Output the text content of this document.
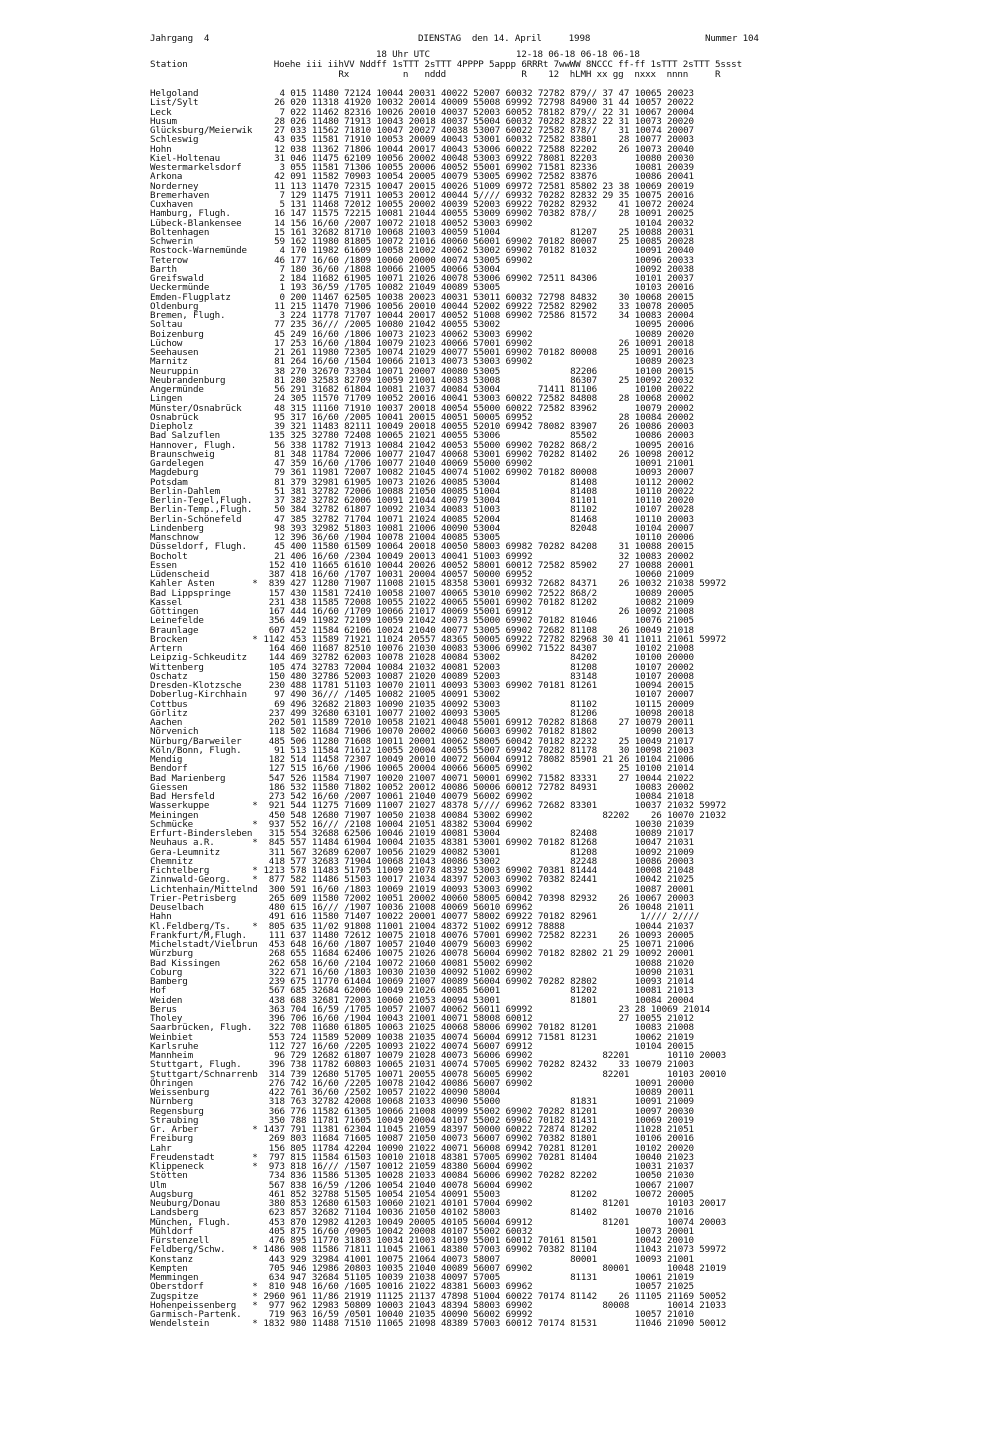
Jahrgang  4	DIENSTAG  den 14. April     1998	Nummer 104
18 Uhr UTC                12-18 06-18 06-18 06-18
Station                Hoehe iii iihVV Nddff 1sTTT 2sTTT 4PPPP 5appp 6RRRt 7wwWW 8NCCC ff-ff 1sTTT 2sTTT 5ssst
Rx          n   nddd              R    12  hLMH xx gg  nxxx  nnnn     R
Helgoland	4 015 11480 72124 10044 20031 40022 52007 60032 72782 879// 37 47 10065 20023
List/Sylt	26 020 11318 41920 10032 20014 40009 55008 69992 72798 84900 31 44 10057 20022
Leck	7 022 11462 82316 10026 20010 40037 52003 60052 78182 879// 22 31 10067 20004
Husum	28 026 11480 71913 10043 20018 40037 55004 60032 70282 82832 22 31 10073 20020
Glücksburg/Meierwik 27 033 11562 71810 10047 20027 40038 53007 60022 72582 878//    31 10074 20007
Schleswig	43 035 11581 71910 10053 20009 40043 53001 60032 72582 83801    28 10077 20003
Hohn	12 038 11362 71806 10044 20017 40043 53006 60022 72588 82202    26 10073 20040
Kiel-Holtenau	31 046 11475 62109 10056 20002 40048 53003 69922 78081 82203       10080 20030
Westermarkelsdorf 3 055 11581 71306 10055 20006 40052 55001 69902 71581 82336       10081 20039
Arkona	42 091 11582 70903 10054 20005 40079 53005 69902 72582 83876       10086 20041
Norderney	11 113 11470 72315 10047 20015 40026 51009 69972 72581 85802 23 38 10069 20019
Bremerhaven	7 129 11475 71911 10053 20012 40044 5//// 69932 70282 82832 29 35 10075 20016
Cuxhaven	5 131 11468 72012 10055 20002 40039 52003 69922 70282 82932    41 10072 20024
Hamburg, Flugh.	16 147 11575 72215 10081 21044 40055 53009 69902 70382 878//    28 10091 20025
Lübeck-Blankensee 14 156 16/60 /2007 10072 21018 40052 53003 69902                   10104 20032
Boltenhagen	15 161 32682 81710 10068 21003 40059 51004             81207    25 10088 20031
Schwerin	59 162 11980 81805 10072 21016 40060 56001 69902 70182 80007    25 10085 20028
Rostock-Warnemünde 4 170 11982 61609 10058 21002 40062 53002 69902 70182 81032       10091 20040
Teterow	46 177 16/60 /1809 10060 20000 40074 53005 69902                   10096 20033
Barth	7 180 36/60 /1808 10066 21005 40066 53004                         10092 20038
Greifswald	2 184 11682 61905 10071 21026 40078 53006 69902 72511 84306       10101 20037
Ueckermünde	1 193 36/59 /1705 10082 21049 40089 53005                         10103 20016
Emden-Flugplatz	0 200 11467 62505 10038 20023 40031 53011 60032 72798 84832    30 10068 20015
Oldenburg	11 215 11470 71906 10056 20010 40044 52002 69922 72582 82902    33 10078 20005
Bremen, Flugh.	3 224 11778 71707 10044 20017 40052 51008 69902 72586 81572    34 10083 20004
Soltau	77 235 36/// /2005 10080 21042 40055 53002                         10095 20006
Boizenburg	45 249 16/60 /1806 10073 21023 40062 53003 69902                   10089 20020
Lüchow	17 253 16/60 /1804 10079 21023 40066 57001 69902                26 10091 20018
Seehausen	21 261 11980 72305 10074 21029 40077 55001 69902 70182 80008    25 10091 20016
Marnitz	81 264 16/60 /1504 10066 21013 40073 53003 69902                   10089 20023
Neuruppin	38 270 32670 73304 10071 20007 40080 53005             82206       10100 20015
Neubrandenburg	81 280 32583 82709 10059 21001 40083 53008             86307    25 10092 20032
Angermünde	56 291 31682 61804 10081 21037 40084 53004       71411 81106       10100 20022
Lingen	24 305 11570 71709 10052 20016 40041 53003 60022 72582 84808    28 10068 20002
Münster/Osnabrück 48 315 11160 71910 10037 20018 40054 55000 60022 72582 83962       10079 20002
Osnabrück	95 317 16/60 /2005 10041 20015 40051 50005 69952                28 10084 20002
Diepholz	39 321 11483 82111 10049 20018 40055 52010 69942 78082 83907    26 10086 20003
Bad Salzuflen	135 325 32780 72408 10065 21021 40055 53006             85502       10086 20003
Hannover, Flugh. 56 338 11782 71913 10084 21042 40053 55000 69902 70282 868/2       10095 20016
Braunschweig	81 348 11784 72006 10077 21047 40068 53001 69902 70282 81402    26 10098 20012
Gardelegen	47 359 16/60 /1706 10077 21040 40069 55000 69902                   10091 21001
Magdeburg	79 361 11981 72007 10082 21045 40074 51002 69902 70182 80008       10093 20007
Potsdam	81 379 32981 61905 10073 21026 40085 53004             81408       10112 20002
Berlin-Dahlem	51 381 32782 72006 10088 21050 40085 51004             81408       10110 20022
Berlin-Tegel,Flugh. 37 382 32782 62006 10091 21044 40079 53004             81101       10110 20020
Berlin-Temp.,Flugh. 50 384 32782 61807 10092 21034 40083 51003             81102       10107 20028
Berlin-Schönefeld 47 385 32782 71704 10071 21024 40085 52004             81468       10110 20003
Lindenberg	98 393 32982 51803 10081 21006 40090 53004             82048       10104 20007
Manschnow	12 396 36/60 /1904 10078 21004 40085 53005                         10110 20006
Düsseldorf, Flugh. 45 400 11580 61509 10064 20018 40050 58003 69982 70282 84208    31 10088 20015
Bocholt	21 406 16/60 /2304 10049 20013 40041 51003 69992                32 10083 20002
Essen	152 410 11665 61610 10044 20026 40052 58001 60012 72582 85902    27 10088 20001
Lüdenscheid	387 418 16/60 /1707 10031 20004 40057 50000 69952                   10060 21009
Kahler Asten       * 839 427 11280 71907 11008 21015 48358 53001 69932 72682 84371    26 10032 21038 59972
Bad Lippspringe	157 430 11581 72410 10058 21007 40065 53010 69902 72522 868/2       10089 20005
Kassel	231 438 11585 72008 10055 21022 40065 55001 69902 70182 81202       10082 21009
Göttingen	167 444 16/60 /1709 10066 21017 40069 55001 69912                26 10092 21008
Leinefelde	356 449 11982 72109 10059 21042 40073 55000 69902 70182 81046       10076 21005
Braunlage	607 452 11584 62106 10024 21040 40077 53005 69902 72682 81108    26 10049 21018
Brocken            * 1142 453 11589 71921 11024 20557 48365 50005 69922 72782 82968 30 41 11011 21061 59972
Artern	164 460 11687 82510 10076 21030 40083 53006 69902 71522 84307       10102 21008
Leipzig-Schkeuditz 144 469 32782 62003 10078 21028 40084 53002             84202       10100 20000
Wittenberg	105 474 32783 72004 10084 21032 40081 52003             81208       10107 20002
Oschatz	150 480 32786 52003 10087 21020 40089 52003             83148       10107 20008
Dresden-Klotzsche 230 488 11781 51103 10070 21011 40093 53003 69902 70181 81261       10094 20015
Doberlug-Kirchhain 97 490 36/// /1405 10082 21005 40091 53002                         10107 20007
Cottbus	69 496 32682 21803 10090 21035 40092 53003             81102       10115 20009
Görlitz	237 499 32680 63101 10077 21002 40093 53005             81206       10098 20018
Aachen	202 501 11589 72010 10058 21021 40048 55001 69912 70282 81868    27 10079 20011
Nörvenich	118 502 11684 71906 10070 20002 40060 56003 69902 70182 81802       10090 20013
Nürburg/Barweiler 485 506 11280 71608 10011 20001 40062 58005 60042 70182 82232    25 10049 21017
Köln/Bonn, Flugh. 91 513 11584 71612 10055 20004 40055 55007 69942 70282 81178    30 10098 21003
Mendig	182 514 11458 72307 10049 20010 40072 56004 69912 78082 85901 21 26 10104 21006
Bendorf	127 515 16/60 /1906 10065 20004 40066 56005 69902                25 10100 21014
Bad Marienberg	547 526 11584 71907 10020 21007 40071 50001 69902 71582 83331    27 10044 21022
Giessen	186 532 11580 71802 10052 20012 40086 50006 60012 72782 84931       10083 20002
Bad Hersfeld	273 542 16/60 /2007 10061 21040 40079 56002 69902                   10084 21018
Wasserkuppe        * 921 544 11275 71609 11007 21027 48378 5//// 69962 72682 83301       10037 21032 59972
Meiningen	450 548 12680 71907 10050 21038 40084 53002 69902             82202    26 10070 21032
Schmücke           * 937 552 16/// /2108 10004 21051 48382 53004 69902                   10030 21039
Erfurt-Bindersleben 315 554 32688 62506 10046 21019 40081 53004             82408       10089 21017
Neuhaus a.R.       * 845 557 11484 61904 10004 21035 48381 53001 69902 70182 81268       10047 21031
Gera-Leumnitz	311 567 32689 62007 10056 21029 40082 53001             81208       10092 21009
Chemnitz	418 577 32683 71904 10068 21043 40086 53002             82248       10086 20003
Fichtelberg        * 1213 578 11483 51705 11009 21078 48392 53003 69902 70381 81444       10008 21048
Zinnwald-Georg.    * 877 582 11486 51503 10017 21034 48397 52003 69902 70382 82441       10042 21025
Lichtenhain/Mittelnd 300 591 16/60 /1803 10069 21019 40093 53003 69902                   10087 20001
Trier-Petrisberg 265 609 11580 72002 10051 20002 40060 58005 60042 70398 82932    26 10067 20003
Deuselbach	480 615 16/// /1907 10036 21008 40069 56010 69962                26 10048 21011
Hahn	491 616 11580 71407 10022 20001 40077 58002 69922 70182 82961        1//// 2////
Kl.Feldberg/Ts.    * 805 635 11/02 91808 11001 21004 48372 51002 69912 78888             10044 21037
Frankfurt/M,Flugh. 111 637 11480 72612 10075 21018 40076 57001 69902 72582 82231    26 10093 20005
Michelstadt/Vielbrun 453 648 16/60 /1807 10057 21040 40079 56003 69902                25 10071 21006
Würzburg	268 655 11684 62406 10075 21026 40078 56004 69902 70182 82802 21 29 10092 20001
Bad Kissingen	262 658 16/60 /2104 10072 21060 40081 55002 69902                   10088 21020
Coburg	322 671 16/60 /1803 10030 21030 40092 51002 69902                   10090 21031
Bamberg	239 675 11770 61404 10069 21007 40089 56004 69902 70282 82802       10093 21014
Hof	567 685 32684 62006 10049 21026 40085 56001             81202       10081 21013
Weiden	438 688 32681 72003 10060 21053 40094 53001             81801       10084 20004
Berus	363 704 16/59 /1705 10057 21007 40062 56011 69992                23 28 10069 21014
Tholey	396 706 16/60 /1904 10043 21001 40071 58008 60012                27 10055 21012
Saarbrücken, Flugh. 322 708 11680 61805 10063 21025 40068 58006 69902 70182 81201       10083 21008
Weinbiet	553 724 11589 52009 10038 21035 40074 56004 69912 71581 81231       10062 21019
Karlsruhe	112 727 16/60 /2205 10093 21022 40074 56007 69912                   10104 20015
Mannheim	96 729 12682 61807 10079 21028 40073 56006 69902             82201       10110 20003
Stuttgart, Flugh. 396 738 11782 60803 10065 21031 40074 57005 69902 70282 82432    33 10079 21003
Stuttgart/Schnarrenb 314 739 12680 51705 10071 20055 40078 56005 69902             82201       10103 20010
Öhringen	276 742 16/60 /2205 10078 21042 40086 56007 69902                   10091 20000
Weissenburg	422 761 36/60 /2502 10057 21022 40090 58004                         10089 20011
Nürnberg	318 763 32782 42008 10068 21033 40090 55000             81831       10091 21009
Regensburg	366 776 11582 61305 10066 21008 40099 55002 69902 70282 81201       10097 20030
Straubing	350 788 11781 71605 10049 20004 40107 55002 69962 70182 81431       10069 20019
Gr. Arber          * 1437 791 11381 62304 11045 21059 48397 50000 60022 72874 81202       11028 21051
Freiburg	269 803 11684 71605 10087 21050 40073 56007 69902 70382 81801       10106 20016
Lahr	156 805 11784 42204 10090 21022 40071 56008 69942 70281 81201       10102 20020
Freudenstadt       * 797 815 11584 61503 10010 21018 48381 57005 69902 70281 81404       10040 21023
Klippeneck         * 973 818 16/// /1507 10012 21059 48380 56004 69902                   10031 21037
Stötten	734 836 11586 51305 10028 21033 40084 56006 69902 70282 82202       10050 21030
Ulm	567 838 16/59 /1206 10054 21040 40078 56004 69902                   10067 21007
Augsburg	461 852 32788 51505 10054 21054 40091 55003             81202       10072 20005
Neuburg/Donau	380 853 12680 61503 10060 21021 40101 57004 69902             81201       10103 20017
Landsberg	623 857 32682 71104 10036 21050 40102 58003             81402       10070 21016
München, Flugh.	453 870 12982 41203 10049 20005 40105 56004 69912             81201       10074 20003
Mühldorf	405 875 16/60 /0905 10042 20008 40107 55002 60032                   10073 20001
Fürstenzell	476 895 11770 31803 10034 21003 40109 55001 60012 70161 81501       10042 20010
Feldberg/Schw.     * 1486 908 11586 71811 11045 21061 48380 57003 69902 70382 81104       11043 21073 59972
Konstanz	443 929 32984 41001 10075 21064 40073 58007             80001       10093 21001
Kempten	705 946 12986 20803 10035 21040 40089 56007 69902             80001       10048 21019
Memmingen	634 947 32684 51105 10039 21038 40097 57005             81131       10061 21019
Oberstdorf         * 810 948 16/60 /1605 10016 21022 48381 56003 69962                   10057 21025
Zugspitze          * 2960 961 11/86 21919 11125 21137 47898 51004 60022 70174 81142    26 11105 21169 50052
Hohenpeissenberg   * 977 962 12983 50809 10003 21043 48394 58003 69902             80008       10014 21033
Garmisch-Partenk. 719 963 16/59 /0501 10040 21035 40090 56002 69992                   10057 21010
Wendelstein        * 1832 980 11488 71510 11065 21098 48389 57003 60012 70174 81531       11046 21090 50012
